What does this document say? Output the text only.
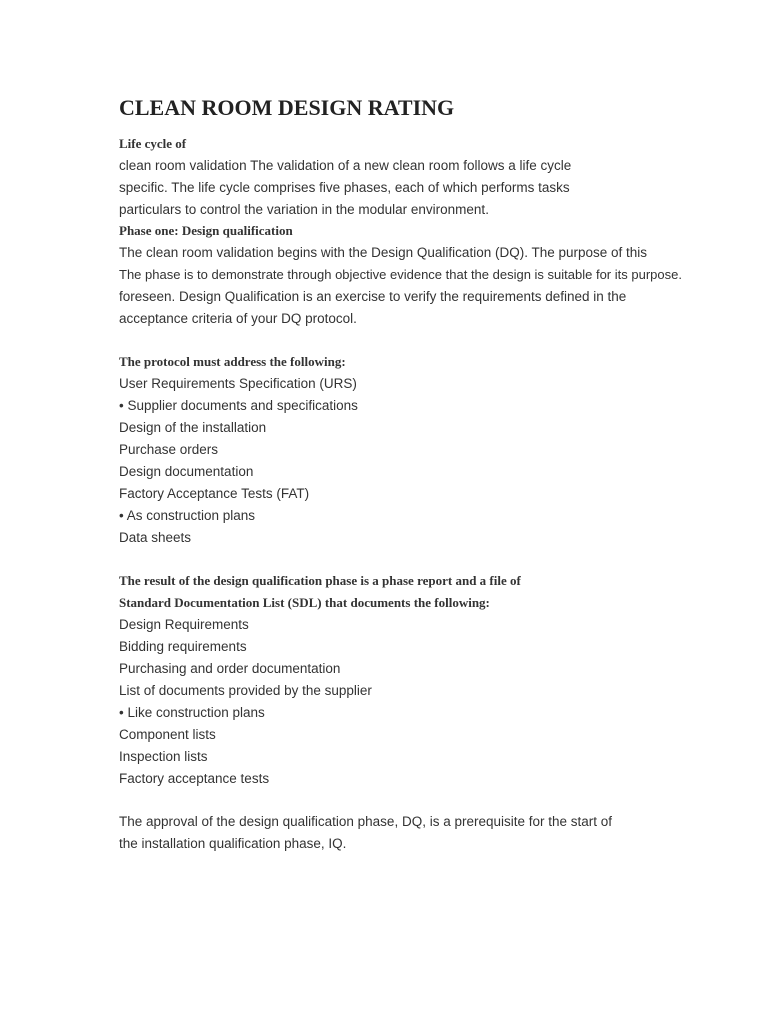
CLEAN ROOM DESIGN RATING
Life cycle of
clean room validation The validation of a new clean room follows a life cycle
specific. The life cycle comprises five phases, each of which performs tasks
particulars to control the variation in the modular environment.
Phase one: Design qualification
The clean room validation begins with the Design Qualification (DQ). The purpose of this
The phase is to demonstrate through objective evidence that the design is suitable for its purpose.
foreseen. Design Qualification is an exercise to verify the requirements defined in the
acceptance criteria of your DQ protocol.
The protocol must address the following:
User Requirements Specification (URS)
• Supplier documents and specifications
Design of the installation
Purchase orders
Design documentation
Factory Acceptance Tests (FAT)
• As construction plans
Data sheets
The result of the design qualification phase is a phase report and a file of
Standard Documentation List (SDL) that documents the following:
Design Requirements
Bidding requirements
Purchasing and order documentation
List of documents provided by the supplier
• Like construction plans
Component lists
Inspection lists
Factory acceptance tests
The approval of the design qualification phase, DQ, is a prerequisite for the start of
the installation qualification phase, IQ.
